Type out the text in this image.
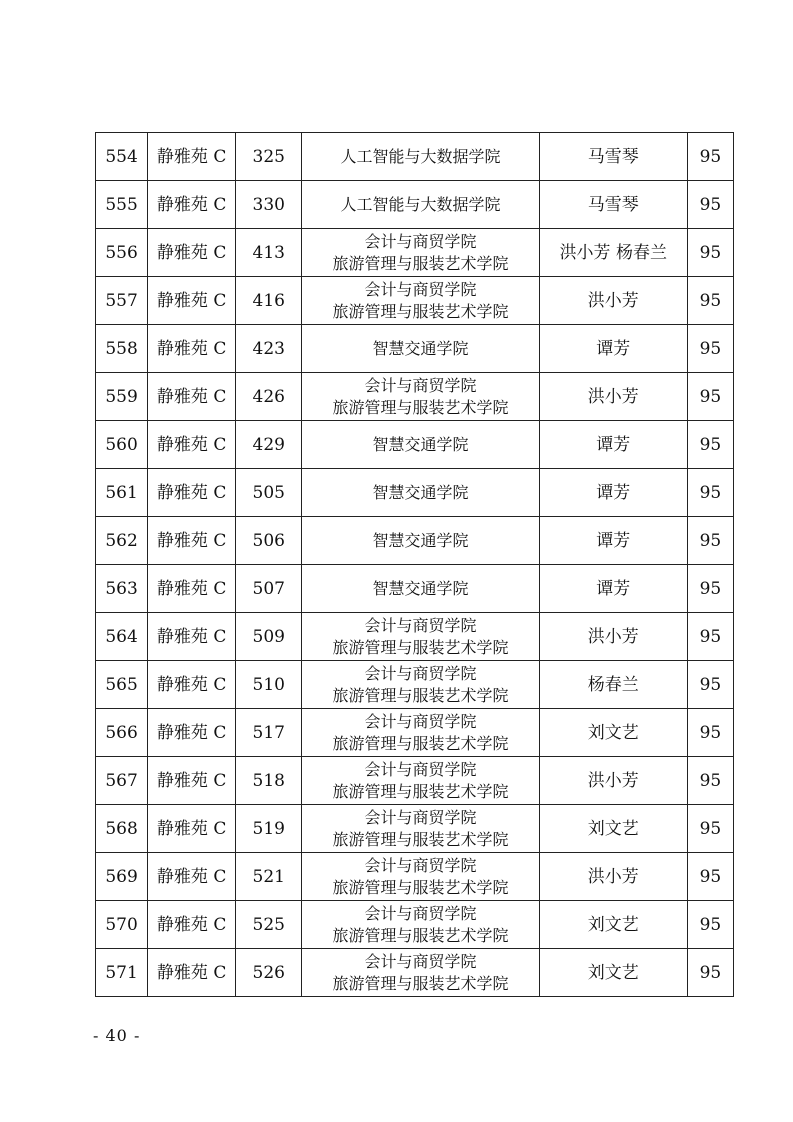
554	静雅苑 C	325	人工智能与大数据学院	马雪琴	95
555	静雅苑 C	330	人工智能与大数据学院	马雪琴	95
556	静雅苑 C	413	会计与商贸学院
旅游管理与服装艺术学院	洪小芳 杨春兰	95
557	静雅苑 C	416	会计与商贸学院
旅游管理与服装艺术学院	洪小芳	95
558	静雅苑 C	423	智慧交通学院	谭芳	95
559	静雅苑 C	426	会计与商贸学院
旅游管理与服装艺术学院	洪小芳	95
560	静雅苑 C	429	智慧交通学院	谭芳	95
561	静雅苑 C	505	智慧交通学院	谭芳	95
562	静雅苑 C	506	智慧交通学院	谭芳	95
563	静雅苑 C	507	智慧交通学院	谭芳	95
564	静雅苑 C	509	会计与商贸学院
旅游管理与服装艺术学院	洪小芳	95
565	静雅苑 C	510	会计与商贸学院
旅游管理与服装艺术学院	杨春兰	95
566	静雅苑 C	517	会计与商贸学院
旅游管理与服装艺术学院	刘文艺	95
567	静雅苑 C	518	会计与商贸学院
旅游管理与服装艺术学院	洪小芳	95
568	静雅苑 C	519	会计与商贸学院
旅游管理与服装艺术学院	刘文艺	95
569	静雅苑 C	521	会计与商贸学院
旅游管理与服装艺术学院	洪小芳	95
570	静雅苑 C	525	会计与商贸学院
旅游管理与服装艺术学院	刘文艺	95
571	静雅苑 C	526	会计与商贸学院
旅游管理与服装艺术学院	刘文艺	95
- 40 -
